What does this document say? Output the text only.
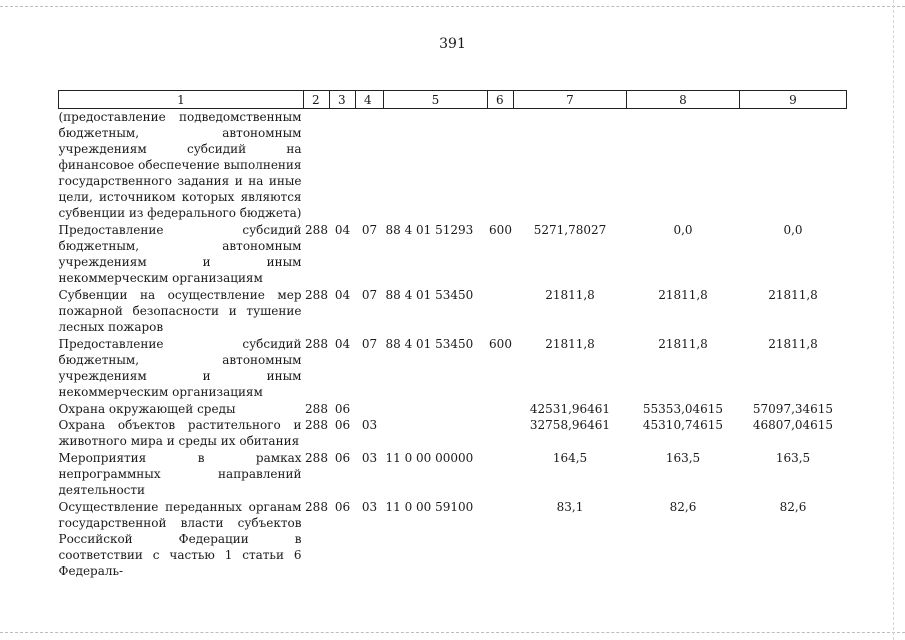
391
1	2	3	4	5	6	7	8	9
(предоставление подведомственным бюджетным, автономным учреждениям субсидий на финансовое обеспечение выполнения государственного задания и на иные цели, источником которых являются субвенции из федерального бюджета)								
Предоставление субсидий бюджетным, автономным учреждениям и иным некоммерческим организациям	288	04	07	88 4 01 51293	600	5271,78027	0,0	0,0
Субвенции на осуществление мер пожарной безопасности и тушение лесных пожаров	288	04	07	88 4 01 53450		21811,8	21811,8	21811,8
Предоставление субсидий бюджетным, автономным учреждениям и иным некоммерческим организациям	288	04	07	88 4 01 53450	600	21811,8	21811,8	21811,8
Охрана окружающей среды	288	06				42531,96461	55353,04615	57097,34615
Охрана объектов растительного и животного мира и среды их обитания	288	06	03			32758,96461	45310,74615	46807,04615
Мероприятия в рамках непрограммных направлений деятельности	288	06	03	11 0 00 00000		164,5	163,5	163,5
Осуществление переданных органам государственной власти субъектов Российской Федерации в соответствии с частью 1 статьи 6 Федераль-	288	06	03	11 0 00 59100		83,1	82,6	82,6
